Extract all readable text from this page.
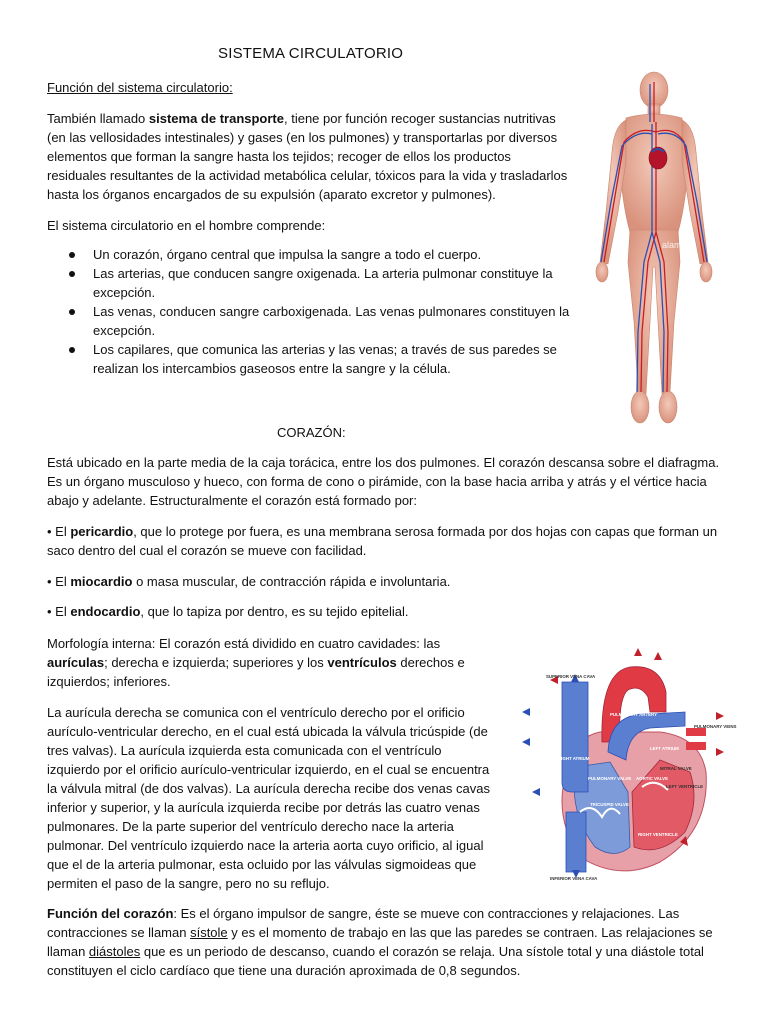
SISTEMA CIRCULATORIO
Función del sistema circulatorio:

También llamado sistema de transporte, tiene por función recoger sustancias nutritivas (en las vellosidades intestinales) y gases (en los pulmones) y transportarlas por diversos elementos que forman la sangre hasta los tejidos; recoger de ellos los productos residuales resultantes de la actividad metabólica celular, tóxicos para la vida y trasladarlos hasta los órganos encargados de su expulsión (aparato excretor y pulmones).

El sistema circulatorio en el hombre comprende:

Un corazón, órgano central que impulsa la sangre a todo el cuerpo.
Las arterias, que conducen sangre oxigenada. La arteria pulmonar constituye la excepción.
Las venas, conducen sangre carboxigenada. Las venas pulmonares constituyen la excepción.
Los capilares, que comunica las arterias y las venas; a través de sus paredes se realizan los intercambios gaseosos entre la sangre y la célula.
alamy
CORAZÓN:

Está ubicado en la parte media de la caja torácica, entre los dos pulmones. El corazón descansa sobre el diafragma. Es un órgano musculoso y hueco, con forma de cono o pirámide, con la base hacia arriba y atrás y el vértice hacia abajo y adelante. Estructuralmente el corazón está formado por:

• El pericardio, que lo protege por fuera, es una membrana serosa formada por dos hojas con capas que forman un saco dentro del cual el corazón se mueve con facilidad.

• El miocardio o masa muscular, de contracción rápida e involuntaria.

• El endocardio, que lo tapiza por dentro, es su tejido epitelial.

Morfología interna: El corazón está dividido en cuatro cavidades: las aurículas; derecha e izquierda; superiores y los ventrículos derechos e izquierdos; inferiores.

La aurícula derecha se comunica con el ventrículo derecho por el orificio aurículo-ventricular derecho, en el cual está ubicada la válvula tricúspide (de tres valvas). La aurícula izquierda esta comunicada con el ventrículo izquierdo por el orificio aurículo-ventricular izquierdo, en el cual se encuentra la válvula mitral (de dos valvas). La aurícula derecha recibe dos venas cavas inferior y superior, y la aurícula izquierda recibe por detrás las cuatro venas pulmonares. De la parte superior del ventrículo derecho nace la arteria pulmonar. Del ventrículo izquierdo nace la arteria aorta cuyo orificio, al igual que el de la arteria pulmonar, esta ocluido por las válvulas sigmoideas que permiten el paso de la sangre, pero no su reflujo.

SUPERIOR VENA CAVA
AORTA
PULMONARY ARTERY
PULMONARY VEINS
LEFT ATRIUM
RIGHT ATRIUM
MITRAL VALVE
PULMONARY VALVE AORTIC VALVE
LEFT VENTRICLE
TRICUSPID VALVE
RIGHT VENTRICLE
INFERIOR VENA CAVA

Función del corazón: Es el órgano impulsor de sangre, éste se mueve con contracciones y relajaciones. Las contracciones se llaman sístole y es el momento de trabajo en las que las paredes se contraen. Las relajaciones se llaman diástoles que es un periodo de descanso, cuando el corazón se relaja. Una sístole total y una diástole total constituyen el ciclo cardíaco que tiene una duración aproximada de 0,8 segundos.
